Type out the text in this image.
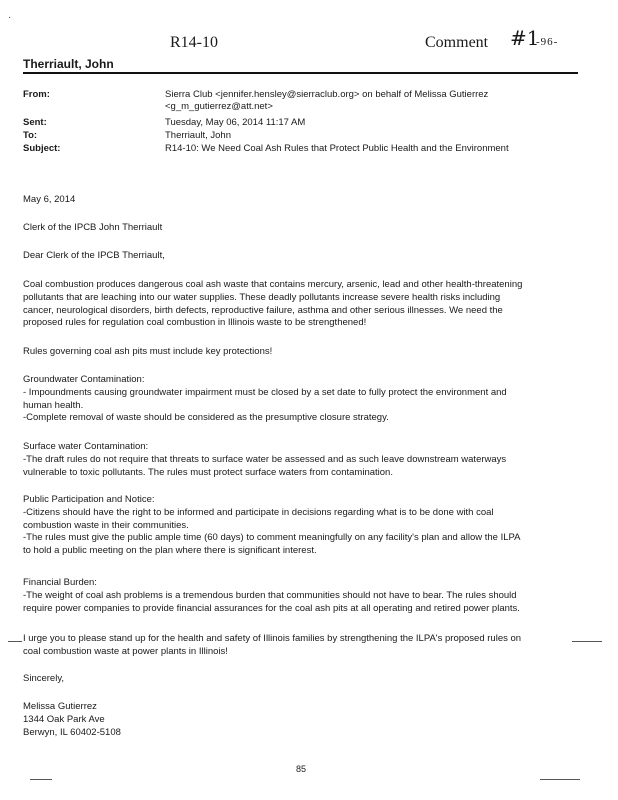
·
R14-10	Comment #1
-96-
Therriault, John
From:	Sierra Club <jennifer.hensley@sierraclub.org> on behalf of Melissa Gutierrez
<g_m_gutierrez@att.net>
Sent:	Tuesday, May 06, 2014 11:17 AM
To:	Therriault, John
Subject:	R14-10: We Need Coal Ash Rules that Protect Public Health and the Environment
May 6, 2014
Clerk of the IPCB John Therriault
Dear Clerk of the IPCB Therriault,
Coal combustion produces dangerous coal ash waste that contains mercury, arsenic, lead and other health-threatening
pollutants that are leaching into our water supplies. These deadly pollutants increase severe health risks including
cancer, neurological disorders, birth defects, reproductive failure, asthma and other serious illnesses. We need the
proposed rules for regulation coal combustion in Illinois waste to be strengthened!
Rules governing coal ash pits must include key protections!
Groundwater Contamination:
- Impoundments causing groundwater impairment must be closed by a set date to fully protect the environment and
human health.
-Complete removal of waste should be considered as the presumptive closure strategy.
Surface water Contamination:
-The draft rules do not require that threats to surface water be assessed and as such leave downstream waterways
vulnerable to toxic pollutants. The rules must protect surface waters from contamination.
Public Participation and Notice:
-Citizens should have the right to be informed and participate in decisions regarding what is to be done with coal
combustion waste in their communities.
-The rules must give the public ample time (60 days) to comment meaningfully on any facility's plan and allow the ILPA
to hold a public meeting on the plan where there is significant interest.
Financial Burden:
-The weight of coal ash problems is a tremendous burden that communities should not have to bear. The rules should
require power companies to provide financial assurances for the coal ash pits at all operating and retired power plants.
I urge you to please stand up for the health and safety of Illinois families by strengthening the ILPA's proposed rules on
coal combustion waste at power plants in Illinois!
Sincerely,
Melissa Gutierrez
1344 Oak Park Ave
Berwyn, IL 60402-5108
85
